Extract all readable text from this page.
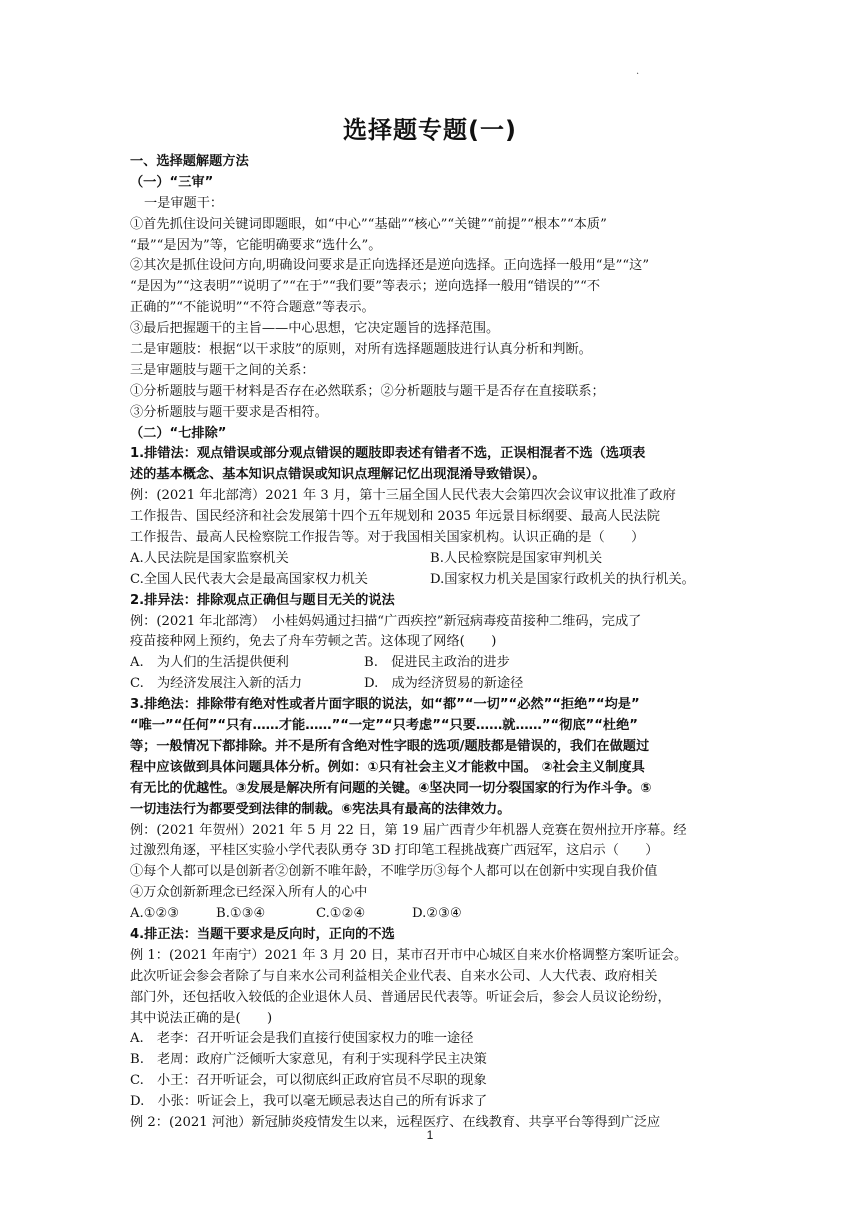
.
选择题专题(一)
一、选择题解题方法
（一）“三审”
一是审题干：
①首先抓住设问关键词即题眼，如“中心”“基础”“核心”“关键”“前提”“根本”“本质”
“最”“是因为”等，它能明确要求“选什么”。
②其次是抓住设问方向,明确设问要求是正向选择还是逆向选择。正向选择一般用“是”“这”
“是因为”“这表明”“说明了”“在于”“我们要”等表示；逆向选择一般用“错误的”“不
正确的”“不能说明”“不符合题意”等表示。
③最后把握题干的主旨——中心思想，它决定题旨的选择范围。
二是审题肢：根据“以干求肢”的原则，对所有选择题题肢进行认真分析和判断。
三是审题肢与题干之间的关系：
①分析题肢与题干材料是否存在必然联系；②分析题肢与题干是否存在直接联系；
③分析题肢与题干要求是否相符。
（二）“七排除”
1.排错法：观点错误或部分观点错误的题肢即表述有错者不选，正误相混者不选（选项表
述的基本概念、基本知识点错误或知识点理解记忆出现混淆导致错误）。
例：(2021 年北部湾）2021 年 3 月，第十三届全国人民代表大会第四次会议审议批准了政府
工作报告、国民经济和社会发展第十四个五年规划和 2035 年远景目标纲要、最高人民法院
工作报告、最高人民检察院工作报告等。对于我国相关国家机构。认识正确的是（　　）
A.人民法院是国家监察机关	B.人民检察院是国家审判机关
C.全国人民代表大会是最高国家权力机关	D.国家权力机关是国家行政机关的执行机关。
2.排异法：排除观点正确但与题目无关的说法
例：(2021 年北部湾）　小桂妈妈通过扫描“广西疾控”新冠病毒疫苗接种二维码，完成了
疫苗接种网上预约，免去了舟车劳顿之苦。这体现了网络(　　)
A.　为人们的生活提供便利	B.　促进民主政治的进步
C.　为经济发展注入新的活力	D.　成为经济贸易的新途径
3.排绝法：排除带有绝对性或者片面字眼的说法，如“都”“一切”“必然”“拒绝”“均是”
“唯一”“任何”“只有……才能……”“一定”“只考虑”“只要……就……”“彻底”“杜绝”
等；一般情况下都排除。并不是所有含绝对性字眼的选项/题肢都是错误的，我们在做题过
程中应该做到具体问题具体分析。例如：①只有社会主义才能救中国。 ②社会主义制度具
有无比的优越性。③发展是解决所有问题的关键。④坚决同一切分裂国家的行为作斗争。⑤
一切违法行为都要受到法律的制裁。⑥宪法具有最高的法律效力。
例：(2021 年贺州）2021 年 5 月 22 日，第 19 届广西青少年机器人竞赛在贺州拉开序幕。经
过激烈角逐，平桂区实验小学代表队勇夺 3D 打印笔工程挑战赛广西冠军，这启示（　　）
①每个人都可以是创新者②创新不唯年龄，不唯学历③每个人都可以在创新中实现自我价值
④万众创新新理念已经深入所有人的心中
A.①②③	B.①③④	C.①②④	D.②③④
4.排正法：当题干要求是反向时，正向的不选
例 1：(2021 年南宁）2021 年 3 月 20 日，某市召开市中心城区自来水价格调整方案听证会。
此次听证会参会者除了与自来水公司利益相关企业代表、自来水公司、人大代表、政府相关
部门外，还包括收入较低的企业退休人员、普通居民代表等。听证会后，参会人员议论纷纷，
其中说法正确的是(　　)
A.　老李：召开听证会是我们直接行使国家权力的唯一途径
B.　老周：政府广泛倾听大家意见，有利于实现科学民主决策
C.　小王：召开听证会，可以彻底纠正政府官员不尽职的现象
D.　小张：听证会上，我可以毫无顾忌表达自己的所有诉求了
例 2：(2021 河池）新冠肺炎疫情发生以来，远程医疗、在线教育、共享平台等得到广泛应
1
